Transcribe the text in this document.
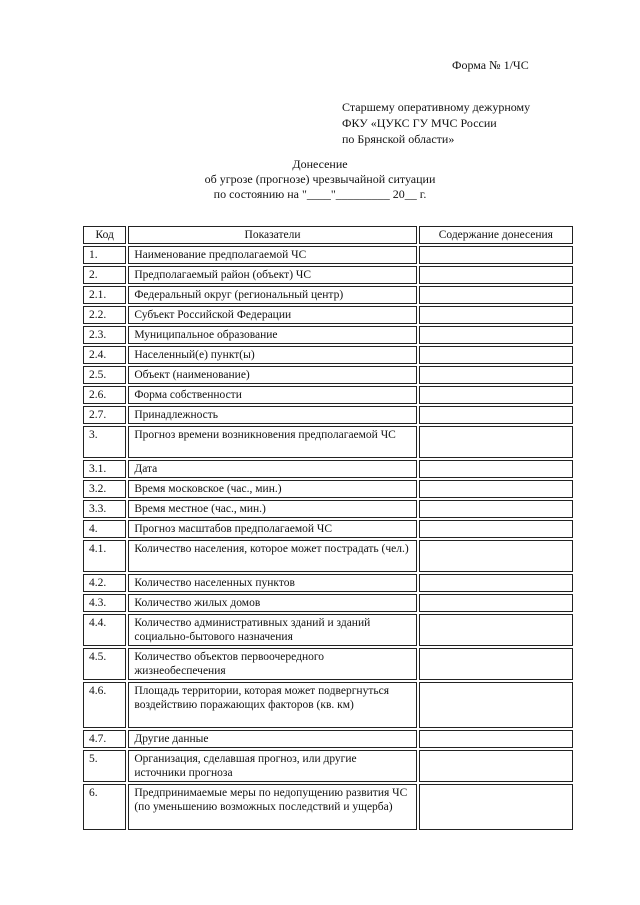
Форма № 1/ЧС
Старшему оперативному дежурному
ФКУ «ЦУКС ГУ МЧС России
по Брянской области»
Донесение
об угрозе (прогнозе) чрезвычайной ситуации
по состоянию на "____"_________ 20__ г.
Код	Показатели	Содержание донесения
1.	Наименование предполагаемой ЧС	
2.	Предполагаемый район (объект) ЧС	
2.1.	Федеральный округ (региональный центр)	
2.2.	Субъект Российской Федерации	
2.3.	Муниципальное образование	
2.4.	Населенный(е) пункт(ы)	
2.5.	Объект (наименование)	
2.6.	Форма собственности	
2.7.	Принадлежность	
3.	Прогноз времени возникновения предполагаемой ЧС	
3.1.	Дата	
3.2.	Время московское (час., мин.)	
3.3.	Время местное (час., мин.)	
4.	Прогноз масштабов предполагаемой ЧС	
4.1.	Количество населения, которое может пострадать (чел.)	
4.2.	Количество населенных пунктов	
4.3.	Количество жилых домов	
4.4.	Количество административных зданий и зданий социально-бытового назначения	
4.5.	Количество объектов первоочередного жизнеобеспечения	
4.6.	Площадь территории, которая может подвергнуться воздействию поражающих факторов (кв. км)	
4.7.	Другие данные	
5.	Организация, сделавшая прогноз, или другие источники прогноза	
6.	Предпринимаемые меры по недопущению развития ЧС (по уменьшению возможных последствий и ущерба)	
